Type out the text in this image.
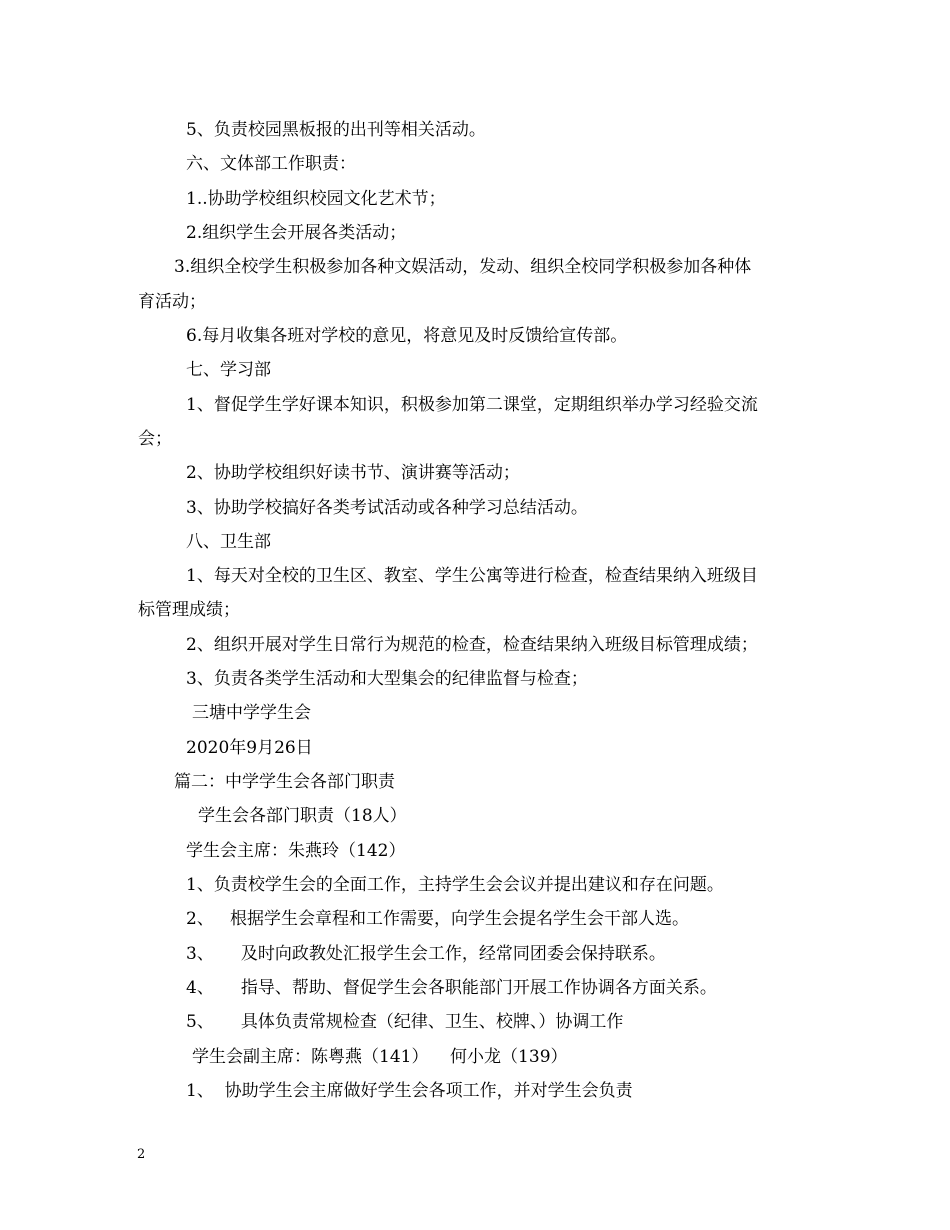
5、负责校园黑板报的出刊等相关活动。
六、文体部工作职责：
1..协助学校组织校园文化艺术节；
2.组织学生会开展各类活动；
3.组织全校学生积极参加各种文娱活动，发动、组织全校同学积极参加各种体
育活动；
6.每月收集各班对学校的意见，将意见及时反馈给宣传部。
七、学习部
1、督促学生学好课本知识，积极参加第二课堂，定期组织举办学习经验交流
会；
2、协助学校组织好读书节、演讲赛等活动；
3、协助学校搞好各类考试活动或各种学习总结活动。
八、卫生部
1、每天对全校的卫生区、教室、学生公寓等进行检查，检查结果纳入班级目
标管理成绩；
2、组织开展对学生日常行为规范的检查，检查结果纳入班级目标管理成绩；
3、负责各类学生活动和大型集会的纪律监督与检查；
三塘中学学生会
2020年9月26日
篇二：中学学生会各部门职责
学生会各部门职责（18人）
学生会主席：朱燕玲（142）
1、负责校学生会的全面工作，主持学生会会议并提出建议和存在问题。
2、   根据学生会章程和工作需要，向学生会提名学生会干部人选。
3、     及时向政教处汇报学生会工作，经常同团委会保持联系。
4、     指导、帮助、督促学生会各职能部门开展工作协调各方面关系。
5、     具体负责常规检查（纪律、卫生、校牌、）协调工作
学生会副主席：陈粤燕（141）    何小龙（139）
1、  协助学生会主席做好学生会各项工作，并对学生会负责
2
